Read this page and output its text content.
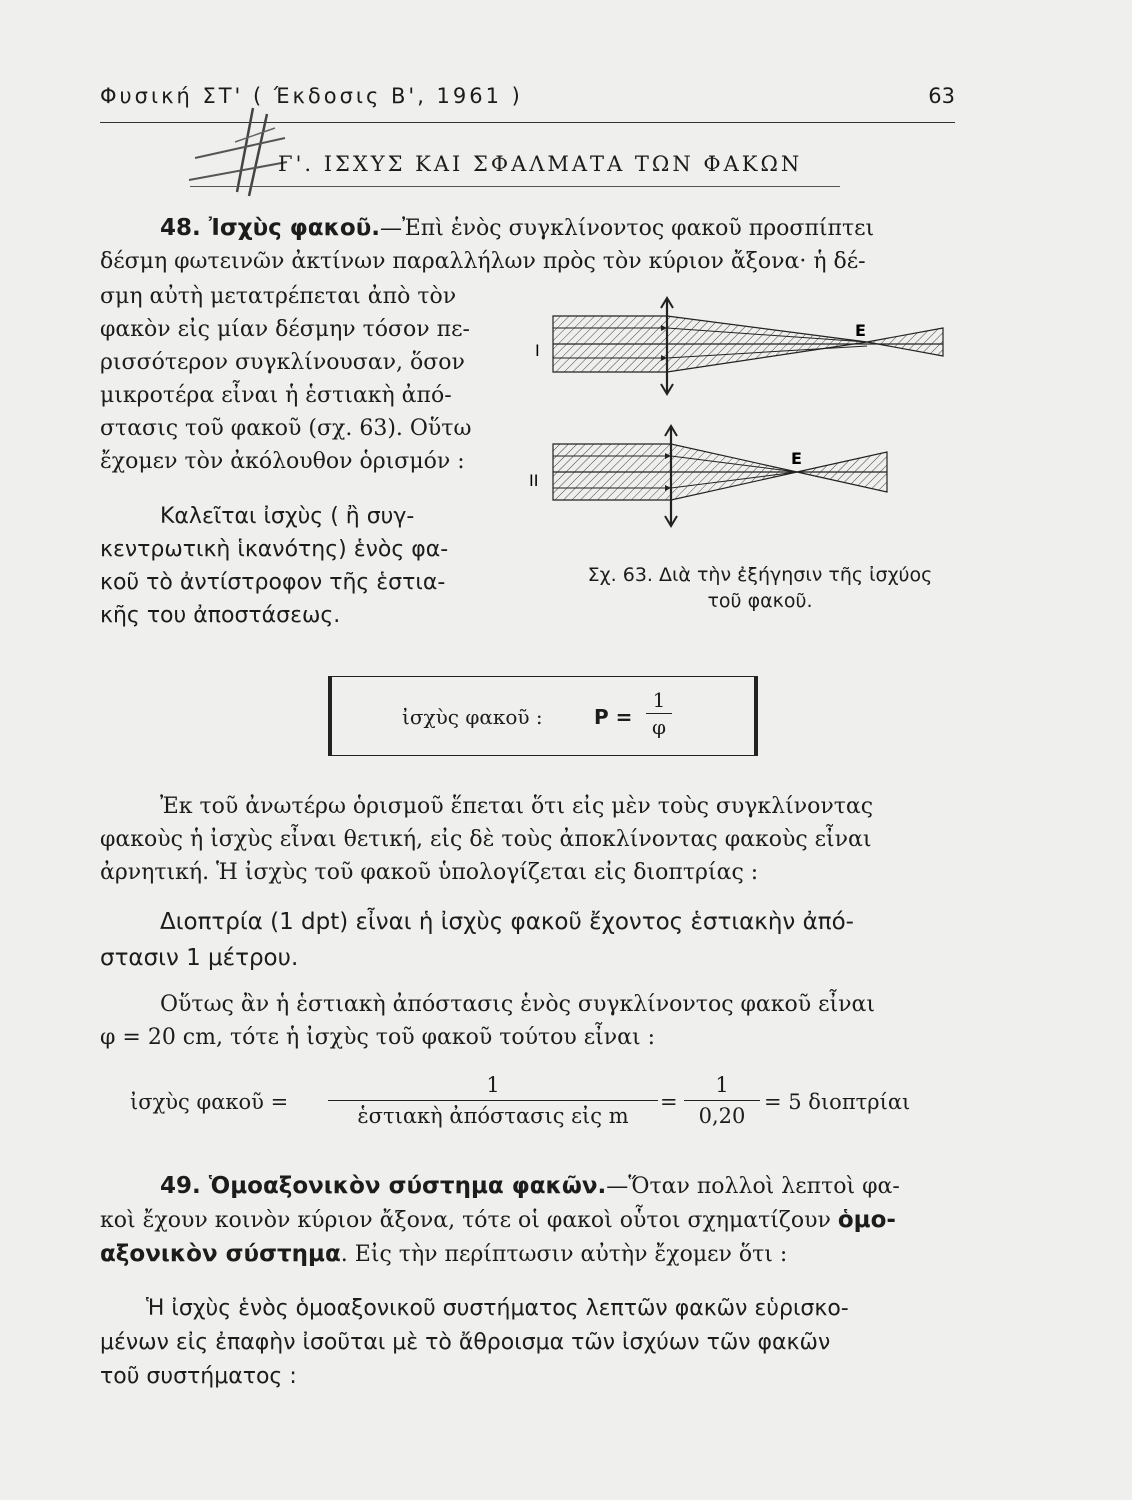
Φυσική ΣΤ' ( Έκδοσις Β', 1961 )	63
Γ'. ΙΣΧΥΣ ΚΑΙ ΣΦΑΛΜΑΤΑ ΤΩΝ ΦΑΚΩΝ
48. Ἰσχὺς φακοῦ.—Ἐπὶ ἑνὸς συγκλίνοντος φακοῦ προσπίπτει
δέσμη φωτεινῶν ἀκτίνων παραλλήλων πρὸς τὸν κύριον ἄξονα· ἡ δέ-
σμη αὐτὴ μετατρέπεται ἀπὸ τὸν
φακὸν εἰς μίαν δέσμην τόσον πε-
ρισσότερον συγκλίνουσαν, ὅσον
μικροτέρα εἶναι ἡ ἑστιακὴ ἀπό-
στασις τοῦ φακοῦ (σχ. 63). Οὕτω
ἔχομεν τὸν ἀκόλουθον ὁρισμόν :
Καλεῖται ἰσχὺς ( ἢ συγ-
κεντρωτικὴ ἱκανότης) ἑνὸς φα-
κοῦ τὸ ἀντίστροφον τῆς ἑστια-
κῆς του ἀποστάσεως.
Ι
Ε
ΙΙ
Ε
Σχ. 63. Διὰ τὴν ἐξήγησιν τῆς ἰσχύος
τοῦ φακοῦ.
ἰσχὺς φακοῦ :	$P = \frac{1}{\varphi}$
Ἐκ τοῦ ἀνωτέρω ὁρισμοῦ ἕπεται ὅτι εἰς μὲν τοὺς συγκλίνοντας
φακοὺς ἡ ἰσχὺς εἶναι θετική, εἰς δὲ τοὺς ἀποκλίνοντας φακοὺς εἶναι
ἀρνητική. Ἡ ἰσχὺς τοῦ φακοῦ ὑπολογίζεται εἰς διοπτρίας :
Διοπτρία (1 dpt) εἶναι ἡ ἰσχὺς φακοῦ ἔχοντος ἑστιακὴν ἀπό-
στασιν 1 μέτρου.
Οὕτως ἂν ἡ ἑστιακὴ ἀπόστασις ἑνὸς συγκλίνοντος φακοῦ εἶναι
φ = 20 cm, τότε ἡ ἰσχὺς τοῦ φακοῦ τούτου εἶναι :
ἰσχὺς φακοῦ =
1
ἑστιακὴ ἀπόστασις εἰς m
= $\frac{1}{0,20} = 5$ διοπτρίαι
49. Ὁμοαξονικὸν σύστημα φακῶν.—Ὅταν πολλοὶ λεπτοὶ φα-
κοὶ ἔχουν κοινὸν κύριον ἄξονα, τότε οἱ φακοὶ οὗτοι σχηματίζουν ὁμο-
αξονικὸν σύστημα. Εἰς τὴν περίπτωσιν αὐτὴν ἔχομεν ὅτι :
Ἡ ἰσχὺς ἑνὸς ὁμοαξονικοῦ συστήματος λεπτῶν φακῶν εὑρισκο-
μένων εἰς ἐπαφὴν ἰσοῦται μὲ τὸ ἄθροισμα τῶν ἰσχύων τῶν φακῶν
τοῦ συστήματος :
